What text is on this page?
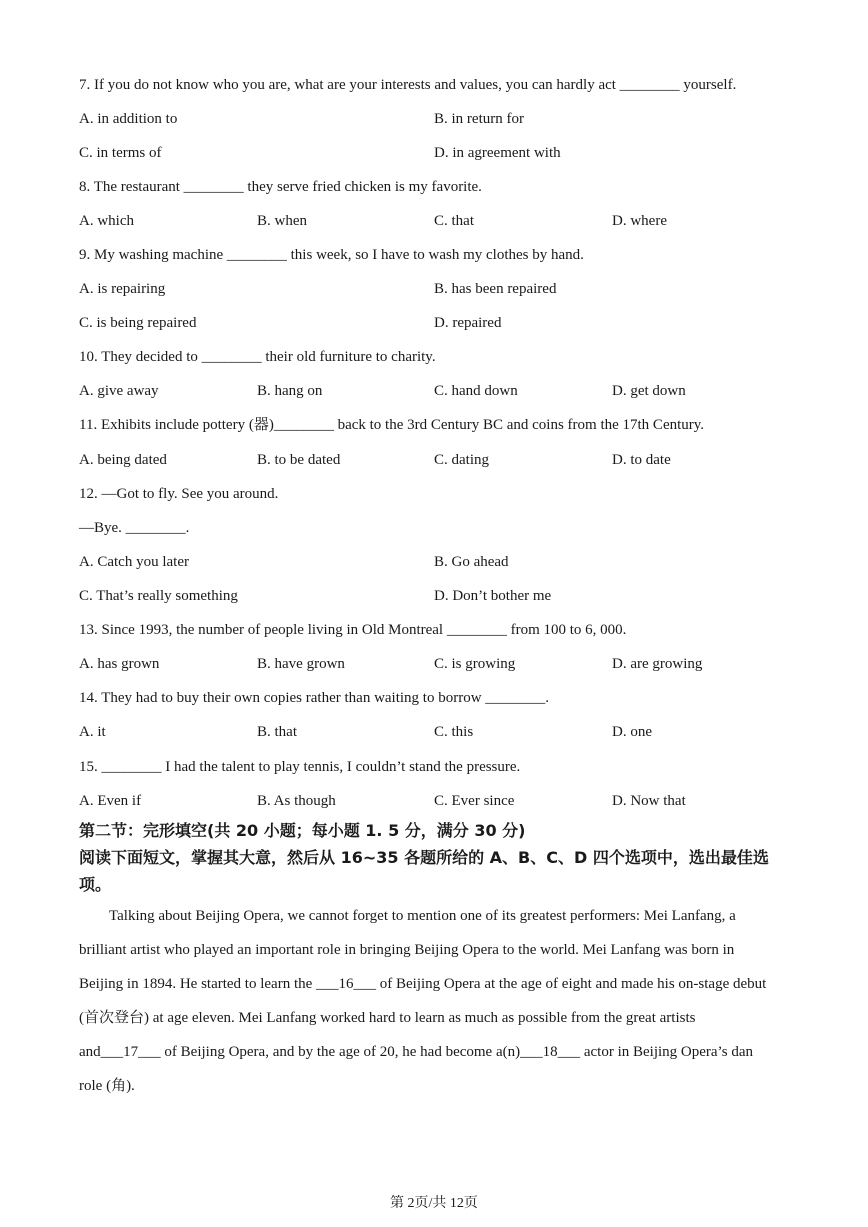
7. If you do not know who you are, what are your interests and values, you can hardly act ________ yourself.
A. in addition to	B. in return for
C. in terms of	D. in agreement with
8. The restaurant ________ they serve fried chicken is my favorite.
A. which	B. when	C. that	D. where
9. My washing machine ________ this week, so I have to wash my clothes by hand.
A. is repairing	B. has been repaired
C. is being repaired	D. repaired
10. They decided to ________ their old furniture to charity.
A. give away	B. hang on	C. hand down	D. get down
11. Exhibits include pottery (器)________ back to the 3rd Century BC and coins from the 17th Century.
A. being dated	B. to be dated	C. dating	D. to date
12. —Got to fly. See you around.
—Bye. ________.
A. Catch you later	B. Go ahead
C. That’s really something	D. Don’t bother me
13. Since 1993, the number of people living in Old Montreal ________ from 100 to 6, 000.
A. has grown	B. have grown	C. is growing	D. are growing
14. They had to buy their own copies rather than waiting to borrow ________.
A. it	B. that	C. this	D. one
15. ________ I had the talent to play tennis, I couldn’t stand the pressure.
A. Even if	B. As though	C. Ever since	D. Now that
第二节：完形填空(共 20 小题；每小题 1. 5 分，满分 30 分)
阅读下面短文，掌握其大意，然后从 16~35 各题所给的 A、B、C、D 四个选项中，选出最佳选
项。
Talking about Beijing Opera, we cannot forget to mention one of its greatest performers: Mei Lanfang, a
brilliant artist who played an important role in bringing Beijing Opera to the world. Mei Lanfang was born in
Beijing in 1894. He started to learn the ___16___ of Beijing Opera at the age of eight and made his on-stage debut
(首次登台) at age eleven. Mei Lanfang worked hard to learn as much as possible from the great artists
and___17___ of Beijing Opera, and by the age of 20, he had become a(n)___18___ actor in Beijing Opera’s dan
role (角).
第 2页/共 12页
